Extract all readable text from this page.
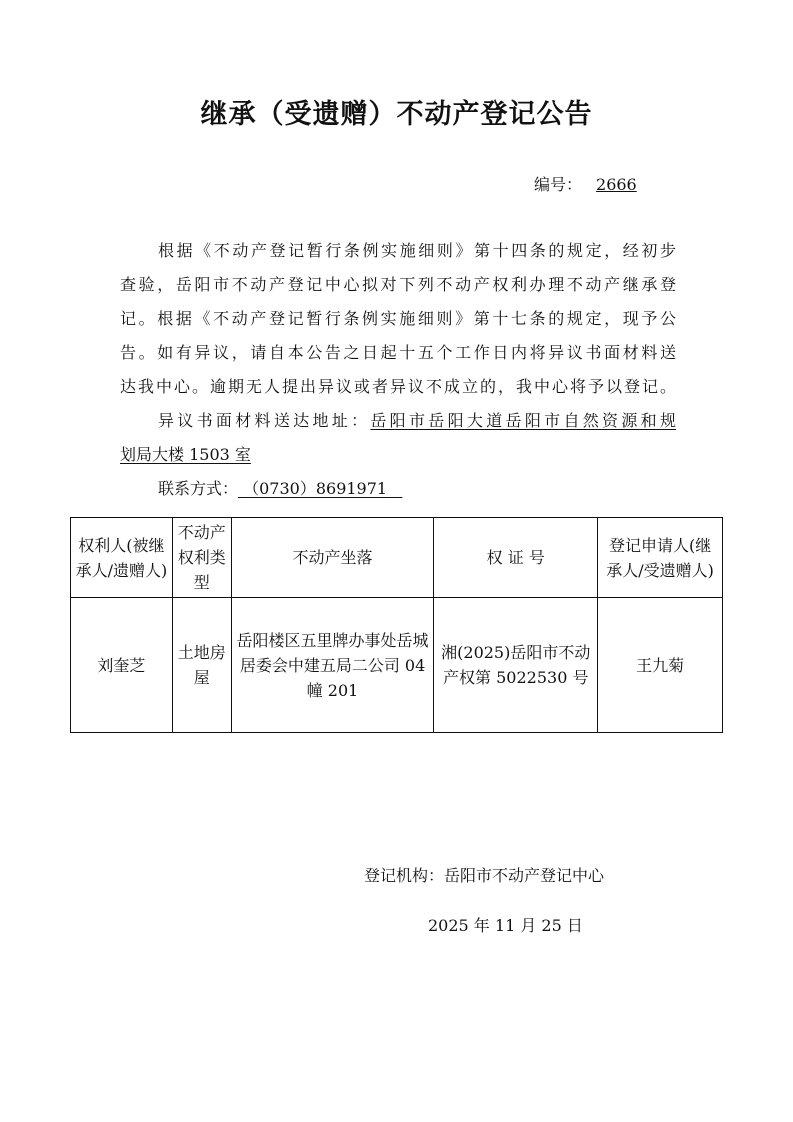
继承（受遗赠）不动产登记公告
编号： 2666

根据《不动产登记暂行条例实施细则》第十四条的规定，经初步

查验，岳阳市不动产登记中心拟对下列不动产权利办理不动产继承登

记。根据《不动产登记暂行条例实施细则》第十七条的规定，现予公

告。如有异议，请自本公告之日起十五个工作日内将异议书面材料送

达我中心。逾期无人提出异议或者异议不成立的，我中心将予以登记。

异议书面材料送达地址：岳阳市岳阳大道岳阳市自然资源和规

划局大楼 1503 室

联系方式： （0730）8691971

权利人(被继承人/遗赠人)	不动产权利类型	不动产坐落	权 证 号	登记申请人(继承人/受遗赠人)
刘奎芝	土地房屋	岳阳楼区五里牌办事处岳城居委会中建五局二公司 04 幢 201	湘(2025)岳阳市不动产权第 5022530 号	王九菊
登记机构：岳阳市不动产登记中心
2025 年 11 月 25 日
